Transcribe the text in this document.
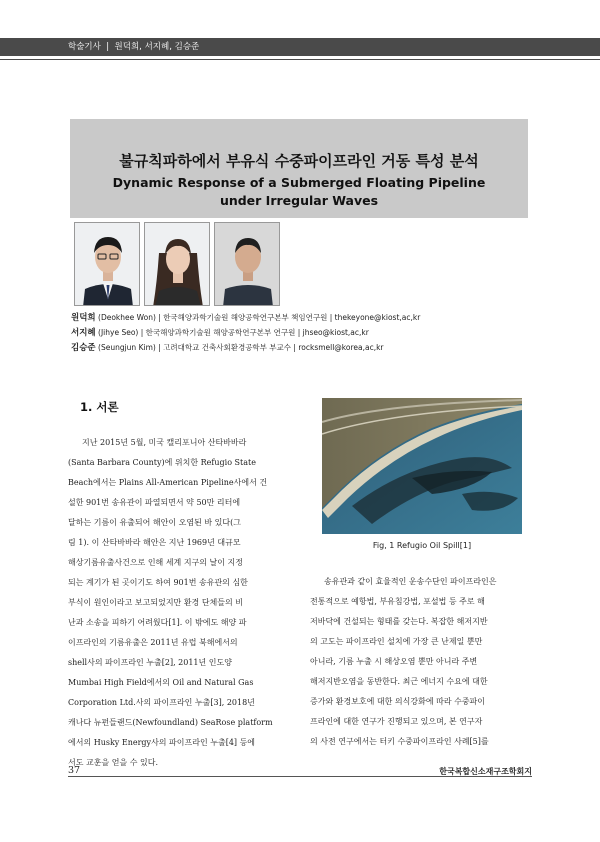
학술기사 | 원덕희, 서지혜, 김승준
불규칙파하에서 부유식 수중파이프라인 거동 특성 분석
Dynamic Response of a Submerged Floating Pipeline
under Irregular Waves
원덕희 (Deokhee Won) | 한국해양과학기술원 해양공학연구본부 책임연구원 | thekeyone@kiost,ac,kr
서지혜 (Jihye Seo) | 한국해양과학기술원 해양공학연구본부 연구원 | jhseo@kiost,ac,kr
김승준 (Seungjun Kim) | 고려대학교 건축사회환경공학부 부교수 | rocksmell@korea,ac,kr
1. 서론
지난 2015년 5월, 미국 캘리포니아 산타바바라
(Santa Barbara County)에 위치한 Refugio State
Beach에서는 Plains All-American Pipeline사에서 건
설한 901번 송유관이 파열되면서 약 50만 리터에
달하는 기름이 유출되어 해안이 오염된 바 있다(그
림 1). 이 산타바바라 해안은 지난 1969년 대규모
해상기름유출사건으로 인해 세계 지구의 날이 지정
되는 계기가 된 곳이기도 하여 901번 송유관의 심한
부식이 원인이라고 보고되었지만 환경 단체들의 비
난과 소송을 피하기 어려웠다[1]. 이 밖에도 해양 파
이프라인의 기름유출은 2011년 유럽 북해에서의
shell사의 파이프라인 누출[2], 2011년 인도양
Mumbai High Field에서의 Oil and Natural Gas
Corporation Ltd.사의 파이프라인 누출[3], 2018년
캐나다 뉴펀들랜드(Newfoundland) SeaRose platform
에서의 Husky Energy사의 파이프라인 누출[4] 등에
서도 교훈을 얻을 수 있다.
Fig, 1 Refugio Oil Spill[1]
송유관과 같이 효율적인 운송수단인 파이프라인은
전통적으로 예항법, 부유침강법, 포설법 등 주로 해
저바닥에 건설되는 형태를 갖는다. 복잡한 해저지반
의 고도는 파이프라인 설치에 가장 큰 난제일 뿐만
아니라, 기름 누출 시 해상오염 뿐만 아니라 주변
해저지반오염을 동반한다. 최근 에너지 수요에 대한
증가와 환경보호에 대한 의식강화에 따라 수중파이
프라인에 대한 연구가 진행되고 있으며, 본 연구자
의 사전 연구에서는 터키 수중파이프라인 사례[5]를
37	한국복합신소재구조학회지
